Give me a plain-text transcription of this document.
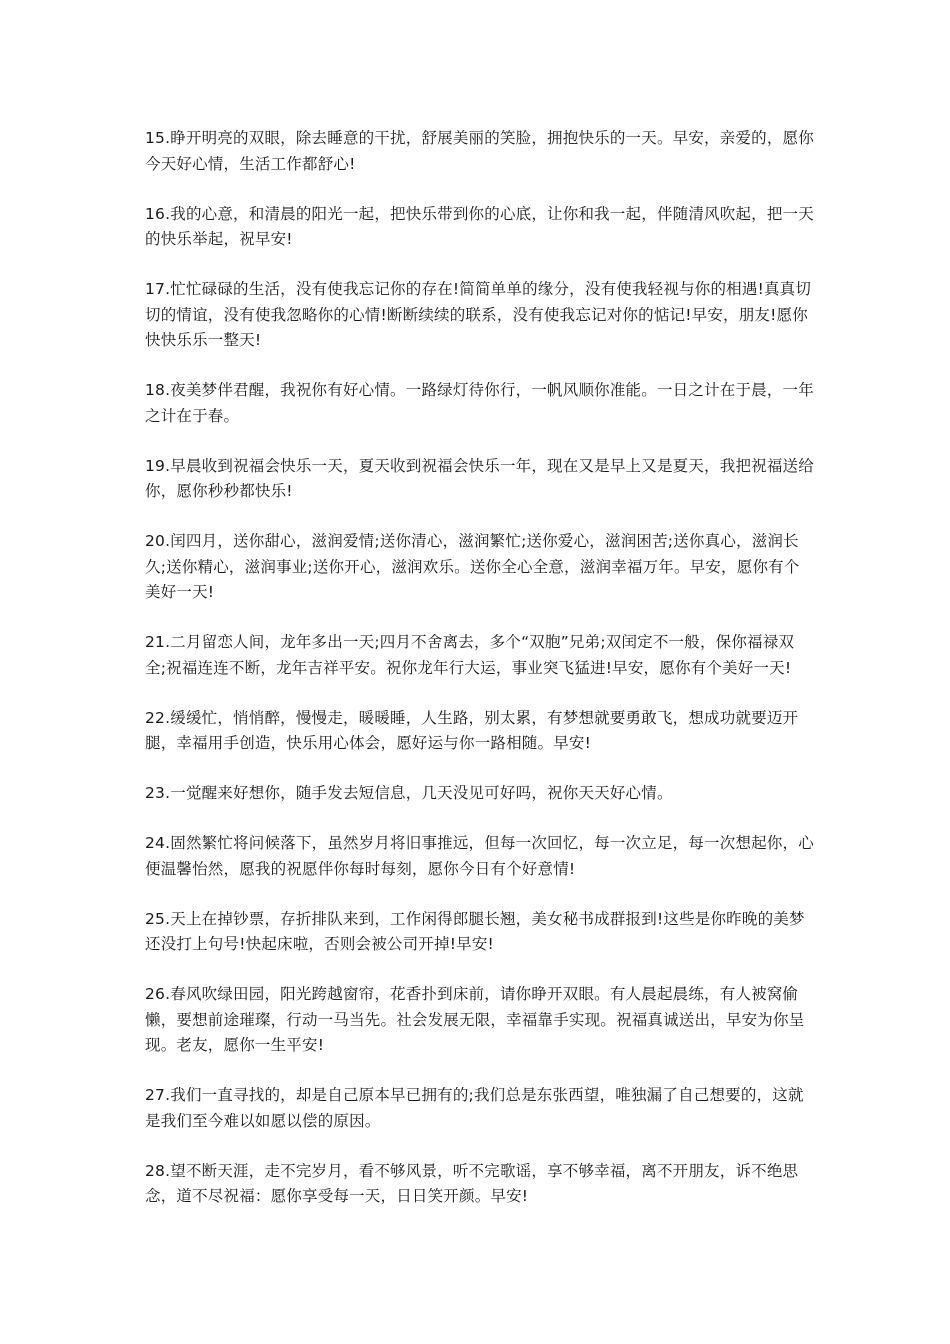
15.睁开明亮的双眼，除去睡意的干扰，舒展美丽的笑脸，拥抱快乐的一天。早安，亲爱的，愿你今天好心情，生活工作都舒心!

16.我的心意，和清晨的阳光一起，把快乐带到你的心底，让你和我一起，伴随清风吹起，把一天的快乐举起，祝早安!

17.忙忙碌碌的生活，没有使我忘记你的存在!简简单单的缘分，没有使我轻视与你的相遇!真真切切的情谊，没有使我忽略你的心情!断断续续的联系，没有使我忘记对你的惦记!早安，朋友!愿你快快乐乐一整天!

18.夜美梦伴君醒，我祝你有好心情。一路绿灯待你行，一帆风顺你准能。一日之计在于晨，一年之计在于春。

19.早晨收到祝福会快乐一天，夏天收到祝福会快乐一年，现在又是早上又是夏天，我把祝福送给你，愿你秒秒都快乐!

20.闰四月，送你甜心，滋润爱情;送你清心，滋润繁忙;送你爱心，滋润困苦;送你真心，滋润长久;送你精心，滋润事业;送你开心，滋润欢乐。送你全心全意，滋润幸福万年。早安，愿你有个美好一天!

21.二月留恋人间，龙年多出一天;四月不舍离去，多个“双胞”兄弟;双闰定不一般，保你福禄双全;祝福连连不断，龙年吉祥平安。祝你龙年行大运，事业突飞猛进!早安，愿你有个美好一天!

22.缓缓忙，悄悄醉，慢慢走，暖暖睡，人生路，别太累，有梦想就要勇敢飞，想成功就要迈开腿，幸福用手创造，快乐用心体会，愿好运与你一路相随。早安!

23.一觉醒来好想你，随手发去短信息，几天没见可好吗，祝你天天好心情。

24.固然繁忙将问候落下，虽然岁月将旧事推远，但每一次回忆，每一次立足，每一次想起你，心便温馨怡然，愿我的祝愿伴你每时每刻，愿你今日有个好意情!

25.天上在掉钞票，存折排队来到，工作闲得郎腿长翘，美女秘书成群报到!这些是你昨晚的美梦还没打上句号!快起床啦，否则会被公司开掉!早安!

26.春风吹绿田园，阳光跨越窗帘，花香扑到床前，请你睁开双眼。有人晨起晨练，有人被窝偷懒，要想前途璀璨，行动一马当先。社会发展无限，幸福靠手实现。祝福真诚送出，早安为你呈现。老友，愿你一生平安!

27.我们一直寻找的，却是自己原本早已拥有的;我们总是东张西望，唯独漏了自己想要的，这就是我们至今难以如愿以偿的原因。

28.望不断天涯，走不完岁月，看不够风景，听不完歌谣，享不够幸福，离不开朋友，诉不绝思念，道不尽祝福：愿你享受每一天，日日笑开颜。早安!
